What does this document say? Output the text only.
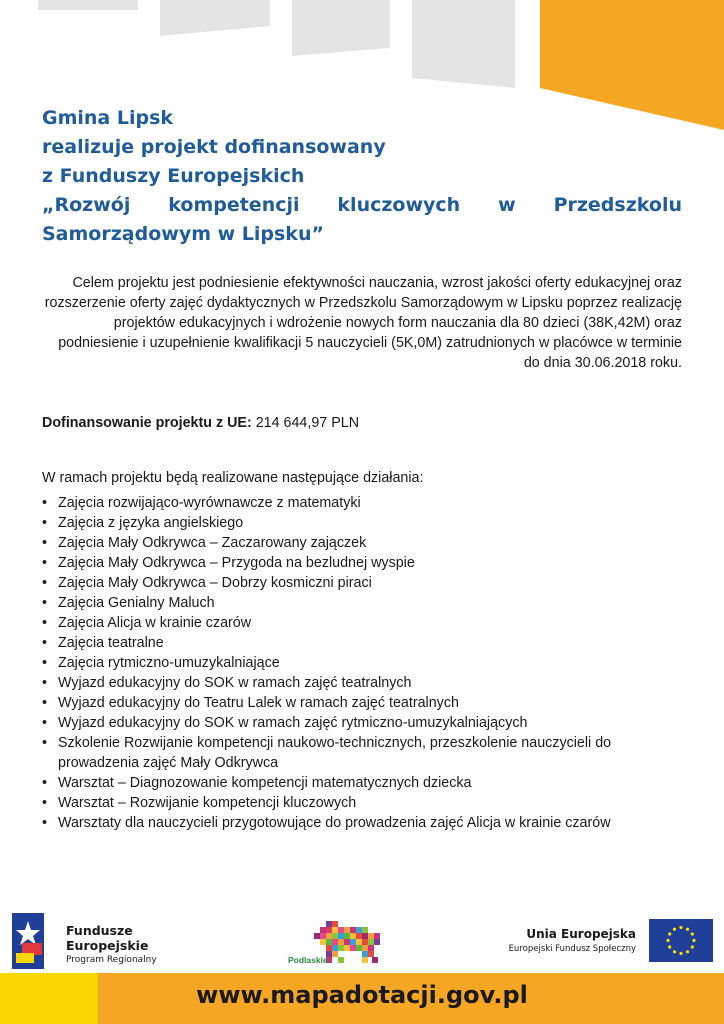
Gmina Lipsk
realizuje projekt dofinansowany
z Funduszy Europejskich
„Rozwój kompetencji kluczowych w Przedszkolu
Samorządowym w Lipsku”
Celem projektu jest podniesienie efektywności nauczania, wzrost jakości oferty edukacyjnej oraz rozszerzenie oferty zajęć dydaktycznych w Przedszkolu Samorządowym w Lipsku poprzez realizację projektów edukacyjnych i wdrożenie nowych form nauczania dla 80 dzieci (38K,42M) oraz podniesienie i uzupełnienie kwalifikacji 5 nauczycieli (5K,0M) zatrudnionych w placówce w terminie do dnia 30.06.2018 roku.
Dofinansowanie projektu z UE: 214 644,97 PLN
W ramach projektu będą realizowane następujące działania:
• Zajęcia rozwijająco-wyrównawcze z matematyki
• Zajęcia z języka angielskiego
• Zajęcia Mały Odkrywca – Zaczarowany zajączek
• Zajęcia Mały Odkrywca – Przygoda na bezludnej wyspie
• Zajęcia Mały Odkrywca – Dobrzy kosmiczni piraci
• Zajęcia Genialny Maluch
• Zajęcia Alicja w krainie czarów
• Zajęcia teatralne
• Zajęcia rytmiczno-umuzykalniające
• Wyjazd edukacyjny do SOK w ramach zajęć teatralnych
• Wyjazd edukacyjny do Teatru Lalek w ramach zajęć teatralnych
• Wyjazd edukacyjny do SOK w ramach zajęć rytmiczno-umuzykalniających
• Szkolenie Rozwijanie kompetencji naukowo-technicznych, przeszkolenie nauczycieli do prowadzenia zajęć Mały Odkrywca
• Warsztat – Diagnozowanie kompetencji matematycznych dziecka
• Warsztat – Rozwijanie kompetencji kluczowych
• Warsztaty dla nauczycieli przygotowujące do prowadzenia zajęć Alicja w krainie czarów
Fundusze
Europejskie
Program Regionalny	Podlaskie
Unia Europejska
Europejski Fundusz Społeczny
www.mapadotacji.gov.pl
